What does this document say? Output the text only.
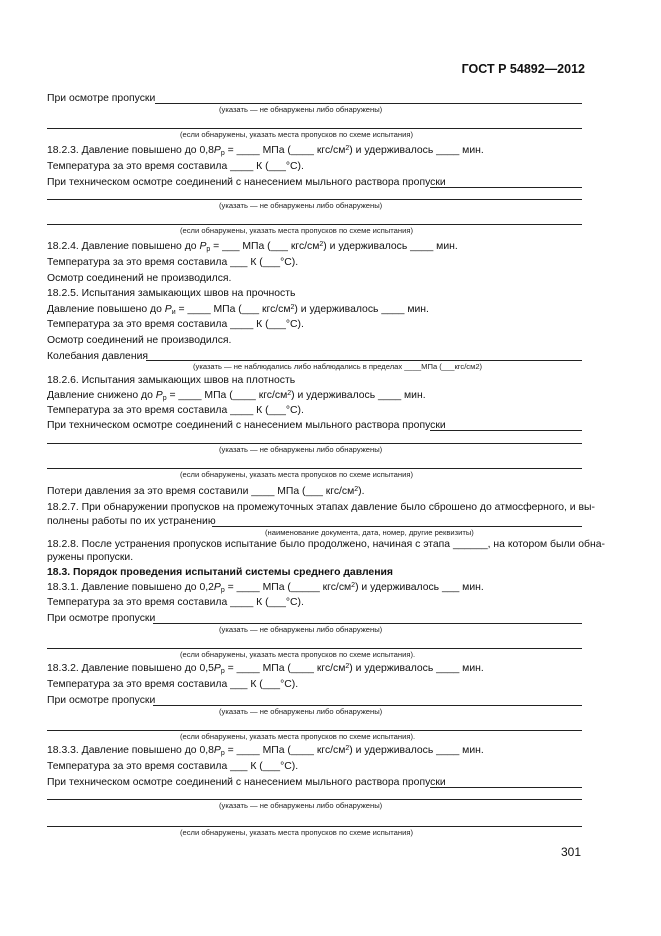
ГОСТ Р 54892—2012
При осмотре пропуски
(указать — не обнаружены либо обнаружены)
(если обнаружены, указать места пропусков по схеме испытания)
18.2.3. Давление повышено до $0,8P_р$ = ____ МПа (____ кгс/$см^2$) и удерживалось ____ мин.
Температура за это время составила ____ К (___°С).
При техническом осмотре соединений с нанесением мыльного раствора пропуски
(указать — не обнаружены либо обнаружены)
(если обнаружены, указать места пропусков по схеме испытания)
18.2.4. Давление повышено до $P_р$ = ___ МПа (___ кгс/$см^2$) и удерживалось ____ мин.
Температура за это время составила ___ К (___°С).
Осмотр соединений не производился.
18.2.5. Испытания замыкающих швов на прочность
Давление повышено до $P_и$ = ____ МПа (___ кгс/$см^2$) и удерживалось ____ мин.
Температура за это время составила ____ К (___°С).
Осмотр соединений не производился.
Колебания давления
(указать — не наблюдались либо наблюдались в пределах ____МПа (___кгс/см2)
18.2.6. Испытания замыкающих швов на плотность
Давление снижено до $P_р$ = ____ МПа (____ кгс/$см^2$) и удерживалось ____ мин.
Температура за это время составила ____ К (___°С).
При техническом осмотре соединений с нанесением мыльного раствора пропуски
(указать — не обнаружены либо обнаружены)
(если обнаружены, указать места пропусков по схеме испытания)
Потери давления за это время составили ____ МПа (___ кгс/$см^2$).
18.2.7. При обнаружении пропусков на промежуточных этапах давление было сброшено до атмосферного, и вы-
полнены работы по их устранению
(наименование документа, дата, номер, другие реквизиты)
18.2.8. После устранения пропусков испытание было продолжено, начиная с этапа ______, на котором были обна-
ружены пропуски.
18.3. Порядок проведения испытаний системы среднего давления
18.3.1. Давление повышено до $0,2P_р$ = ____ МПа (_____ кгс/$см^2$) и удерживалось ___ мин.
Температура за это время составила ____ К (___°С).
При осмотре пропуски
(указать — не обнаружены либо обнаружены)
(если обнаружены, указать места пропусков по схеме испытания).
18.3.2. Давление повышено до $0,5P_р$ = ____ МПа (____ кгс/$см^2$) и удерживалось ____ мин.
Температура за это время составила ___ К (___°С).
При осмотре пропуски
(указать — не обнаружены либо обнаружены)
(если обнаружены, указать места пропусков по схеме испытания).
18.3.3. Давление повышено до $0,8P_р$ = ____ МПа (____ кгс/$см^2$) и удерживалось ____ мин.
Температура за это время составила ___ К (___°С).
При техническом осмотре соединений с нанесением мыльного раствора пропуски
(указать — не обнаружены либо обнаружены)
(если обнаружены, указать места пропусков по схеме испытания)
301
